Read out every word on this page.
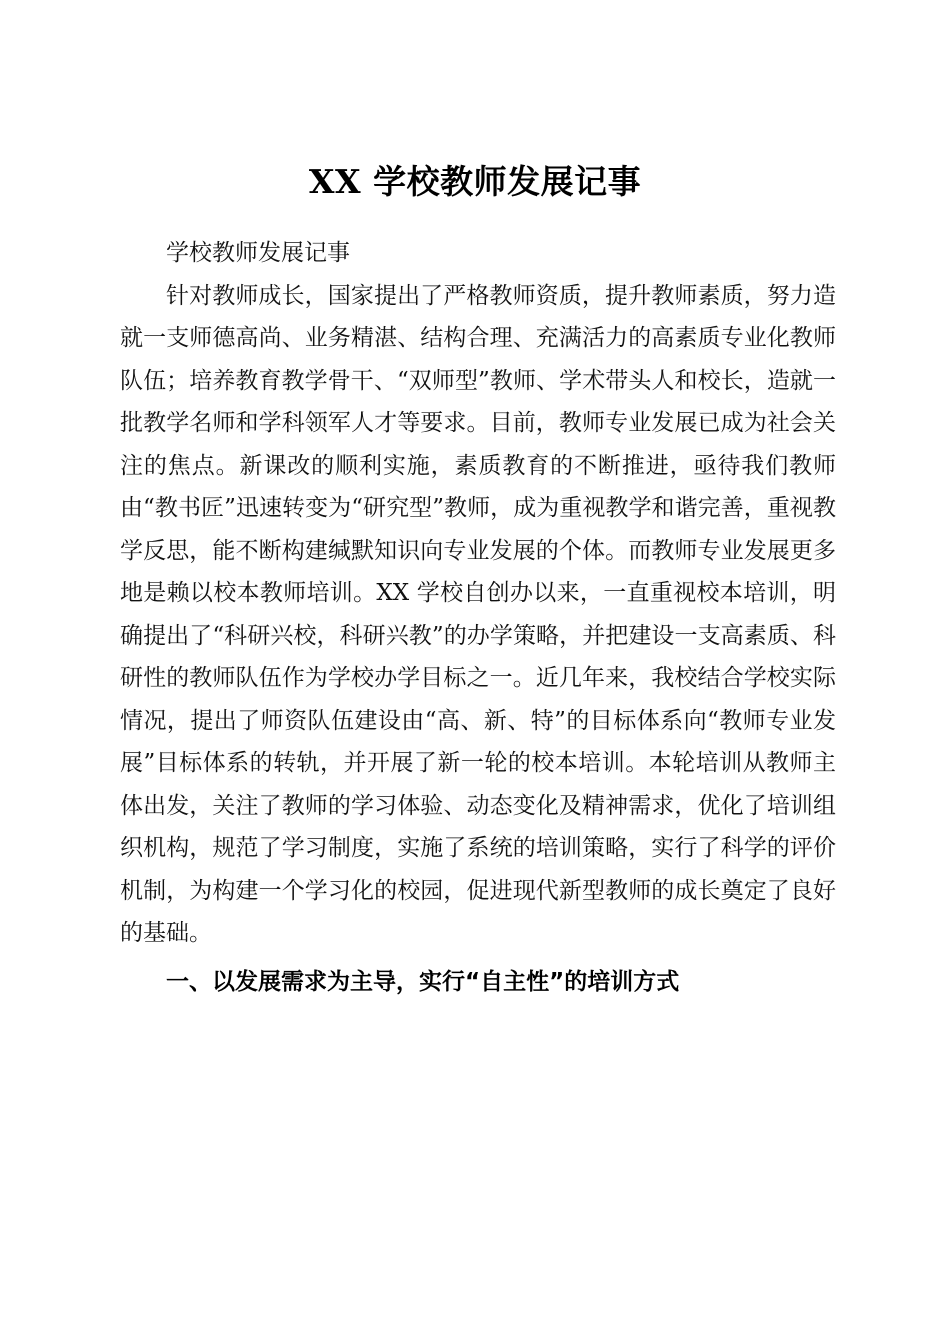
XX 学校教师发展记事

学校教师发展记事

针对教师成长，国家提出了严格教师资质，提升教师素质，努力造就一支师德高尚、业务精湛、结构合理、充满活力的高素质专业化教师队伍；培养教育教学骨干、“双师型”教师、学术带头人和校长，造就一批教学名师和学科领军人才等要求。目前，教师专业发展已成为社会关注的焦点。新课改的顺利实施，素质教育的不断推进，亟待我们教师由“教书匠”迅速转变为“研究型”教师，成为重视教学和谐完善，重视教学反思，能不断构建缄默知识向专业发展的个体。而教师专业发展更多地是赖以校本教师培训。XX 学校自创办以来，一直重视校本培训，明确提出了“科研兴校，科研兴教”的办学策略，并把建设一支高素质、科研性的教师队伍作为学校办学目标之一。近几年来，我校结合学校实际情况，提出了师资队伍建设由“高、新、特”的目标体系向“教师专业发展”目标体系的转轨，并开展了新一轮的校本培训。本轮培训从教师主体出发，关注了教师的学习体验、动态变化及精神需求，优化了培训组织机构，规范了学习制度，实施了系统的培训策略，实行了科学的评价机制，为构建一个学习化的校园，促进现代新型教师的成长奠定了良好的基础。

一、以发展需求为主导，实行“自主性”的培训方式
